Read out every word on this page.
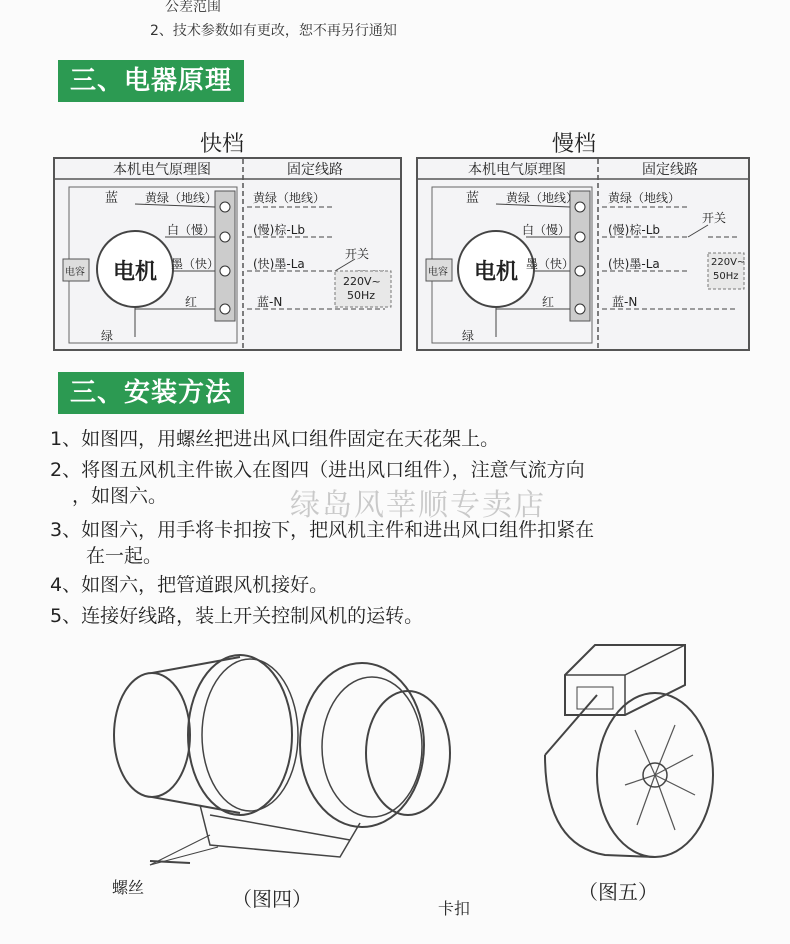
公差范围
2、技术参数如有更改，恕不再另行通知
三、电器原理
快档	慢档
本机电气原理图	固定线路
蓝 黄绿（地线）
白（慢）
墨（快）
红
绿
电机
电容
黄绿（地线）
(慢)棕-Lb
(快)墨-La
蓝-N
开关
220V~
50Hz
本机电气原理图	固定线路
蓝 黄绿（地线）
白（慢）
墨（快）
红
绿
电机
电容
黄绿（地线）
(慢)棕-Lb
(快)墨-La
蓝-N
开关
220V~
50Hz
三、安装方法
1、如图四，用螺丝把进出风口组件固定在天花架上。
2、将图五风机主件嵌入在图四（进出风口组件），注意气流方向
，如图六。
3、如图六，用手将卡扣按下，把风机主件和进出风口组件扣紧在
在一起。
4、如图六，把管道跟风机接好。
5、连接好线路，装上开关控制风机的运转。
绿岛风莘顺专卖店
螺丝	（图四）	（图五）
卡扣
